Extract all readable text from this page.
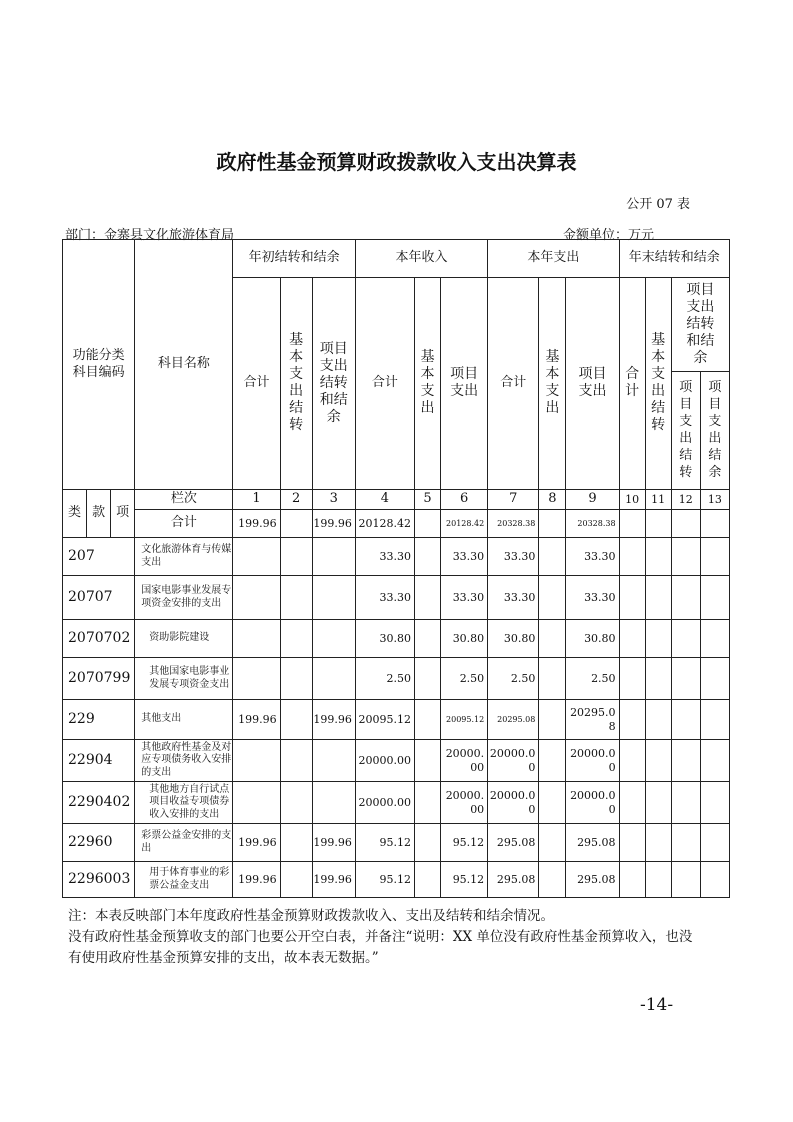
政府性基金预算财政拨款收入支出决算表
公开 07 表
部门：金寨县文化旅游体育局	金额单位：万元
功能分类科目编码			科目名称	年初结转和结余			本年收入			本年支出			年末结转和结余			
				合计	基本支出结转	项目支出结转和结余	合计	基本支出	项目支出	合计	基本支出	项目支出	合计	基本支出结转	项目支出结转和结余	
															项目支出结转	项目支出结余

类	款	项	栏次	1	2	3	4	5	6	7	8	9	10	11	12	13
			合计	199.96		199.96	20128.42		20128.42	20328.38		20328.38				
207			文化旅游体育与传媒支出				33.30		33.30	33.30		33.30				
20707			国家电影事业发展专项资金安排的支出				33.30		33.30	33.30		33.30				
2070702			资助影院建设				30.80		30.80	30.80		30.80				
2070799			其他国家电影事业发展专项资金支出				2.50		2.50	2.50		2.50				
229			其他支出	199.96		199.96	20095.12		20095.12	20295.08		20295.08				
22904			其他政府性基金及对应专项债务收入安排的支出				20000.00		20000.00	20000.00		20000.00				
2290402			其他地方自行试点项目收益专项债券收入安排的支出				20000.00		20000.00	20000.00		20000.00				
22960			彩票公益金安排的支出	199.96		199.96	95.12		95.12	295.08		295.08				
2296003			用于体育事业的彩票公益金支出	199.96		199.96	95.12		95.12	295.08		295.08				
注：本表反映部门本年度政府性基金预算财政拨款收入、支出及结转和结余情况。
没有政府性基金预算收支的部门也要公开空白表，并备注“说明：XX 单位没有政府性基金预算收入，也没
有使用政府性基金预算安排的支出，故本表无数据。”
-14-
